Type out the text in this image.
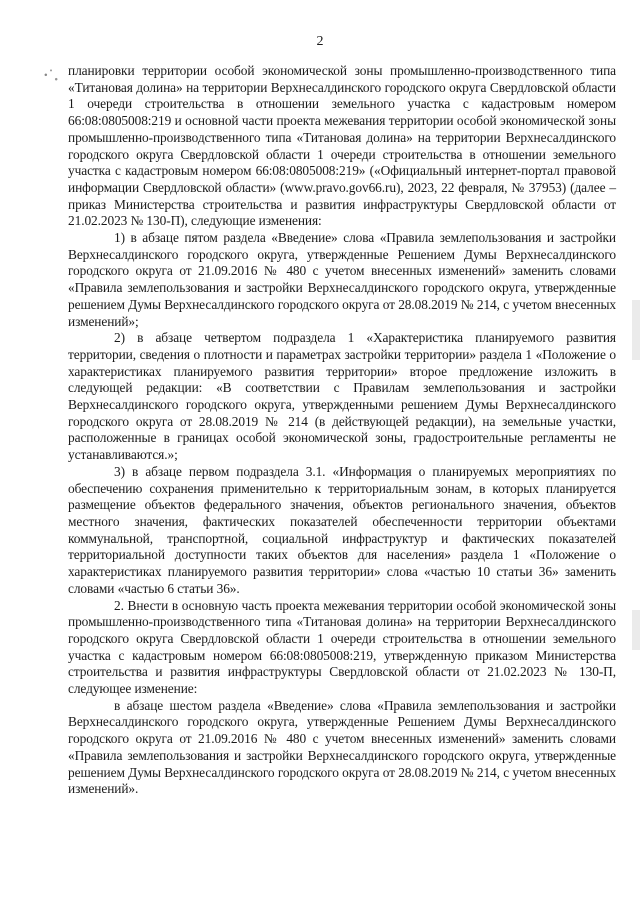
2

планировки территории особой экономической зоны промышленно-производственного типа «Титановая долина» на территории Верхнесалдинского городского округа Свердловской области 1 очереди строительства в отношении земельного участка с кадастровым номером 66:08:0805008:219 и основной части проекта межевания территории особой экономической зоны промышленно-производственного типа «Титановая долина» на территории Верхнесалдинского городского округа Свердловской области 1 очереди строительства в отношении земельного участка с кадастровым номером 66:08:0805008:219» («Официальный интернет-портал правовой информации Свердловской области» (www.pravo.gov66.ru), 2023, 22 февраля, № 37953) (далее – приказ Министерства строительства и развития инфраструктуры Свердловской области от 21.02.2023 № 130-П), следующие изменения:

1) в абзаце пятом раздела «Введение» слова «Правила землепользования и застройки Верхнесалдинского городского округа, утвержденные Решением Думы Верхнесалдинского городского округа от 21.09.2016 № 480 с учетом внесенных изменений» заменить словами «Правила землепользования и застройки Верхнесалдинского городского округа, утвержденные решением Думы Верхнесалдинского городского округа от 28.08.2019 № 214, с учетом внесенных изменений»;

2) в абзаце четвертом подраздела 1 «Характеристика планируемого развития территории, сведения о плотности и параметрах застройки территории» раздела 1 «Положение о характеристиках планируемого развития территории» второе предложение изложить в следующей редакции: «В соответствии с Правилам землепользования и застройки Верхнесалдинского городского округа, утвержденными решением Думы Верхнесалдинского городского округа от 28.08.2019 № 214 (в действующей редакции), на земельные участки, расположенные в границах особой экономической зоны, градостроительные регламенты не устанавливаются.»;

3) в абзаце первом подраздела 3.1. «Информация о планируемых мероприятиях по обеспечению сохранения применительно к территориальным зонам, в которых планируется размещение объектов федерального значения, объектов регионального значения, объектов местного значения, фактических показателей обеспеченности территории объектами коммунальной, транспортной, социальной инфраструктур и фактических показателей территориальной доступности таких объектов для населения» раздела 1 «Положение о характеристиках планируемого развития территории» слова «частью 10 статьи 36» заменить словами «частью 6 статьи 36».

2. Внести в основную часть проекта межевания территории особой экономической зоны промышленно-производственного типа «Титановая долина» на территории Верхнесалдинского городского округа Свердловской области 1 очереди строительства в отношении земельного участка с кадастровым номером 66:08:0805008:219, утвержденную приказом Министерства строительства и развития инфраструктуры Свердловской области от 21.02.2023 № 130-П, следующее изменение:

в абзаце шестом раздела «Введение» слова «Правила землепользования и застройки Верхнесалдинского городского округа, утвержденные Решением Думы Верхнесалдинского городского округа от 21.09.2016 № 480 с учетом внесенных изменений» заменить словами «Правила землепользования и застройки Верхнесалдинского городского округа, утвержденные решением Думы Верхнесалдинского городского округа от 28.08.2019 № 214, с учетом внесенных изменений».
